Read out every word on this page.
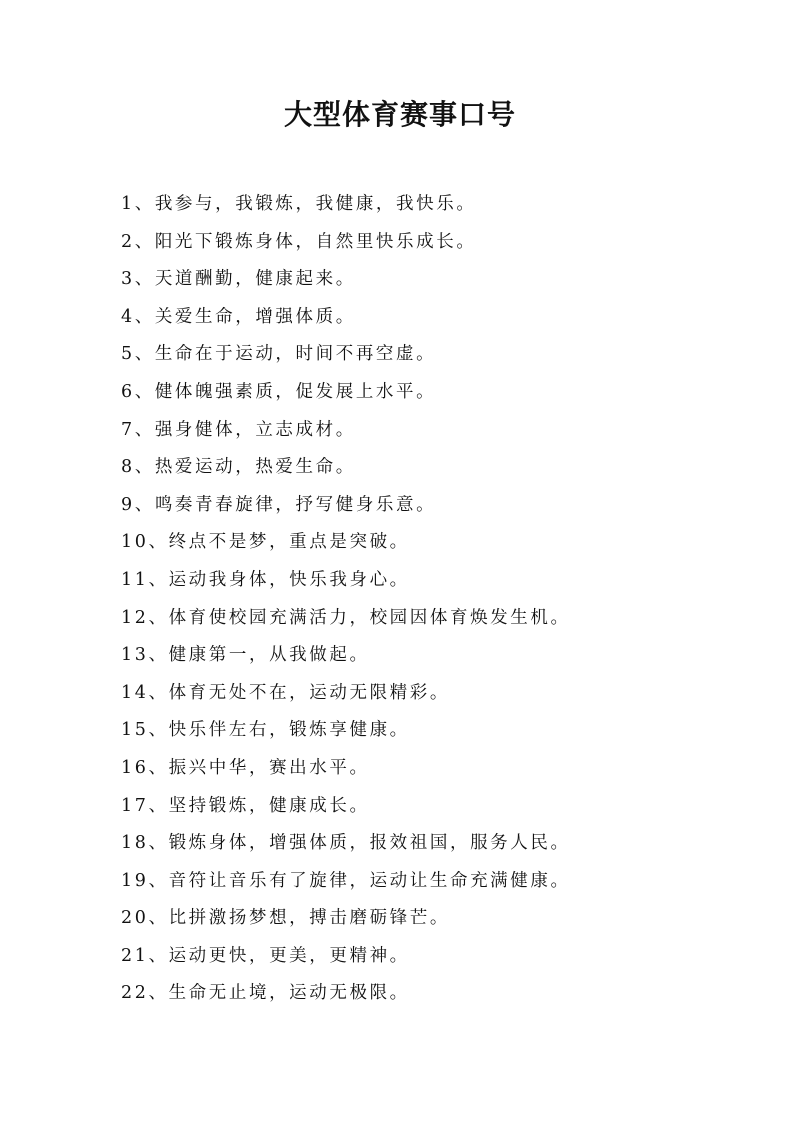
大型体育赛事口号
1、我参与，我锻炼，我健康，我快乐。
2、阳光下锻炼身体，自然里快乐成长。
3、天道酬勤，健康起来。
4、关爱生命，增强体质。
5、生命在于运动，时间不再空虚。
6、健体魄强素质，促发展上水平。
7、强身健体，立志成材。
8、热爱运动，热爱生命。
9、鸣奏青春旋律，抒写健身乐意。
10、终点不是梦，重点是突破。
11、运动我身体，快乐我身心。
12、体育使校园充满活力，校园因体育焕发生机。
13、健康第一，从我做起。
14、体育无处不在，运动无限精彩。
15、快乐伴左右，锻炼享健康。
16、振兴中华，赛出水平。
17、坚持锻炼，健康成长。
18、锻炼身体，增强体质，报效祖国，服务人民。
19、音符让音乐有了旋律，运动让生命充满健康。
20、比拼激扬梦想，搏击磨砺锋芒。
21、运动更快，更美，更精神。
22、生命无止境，运动无极限。
